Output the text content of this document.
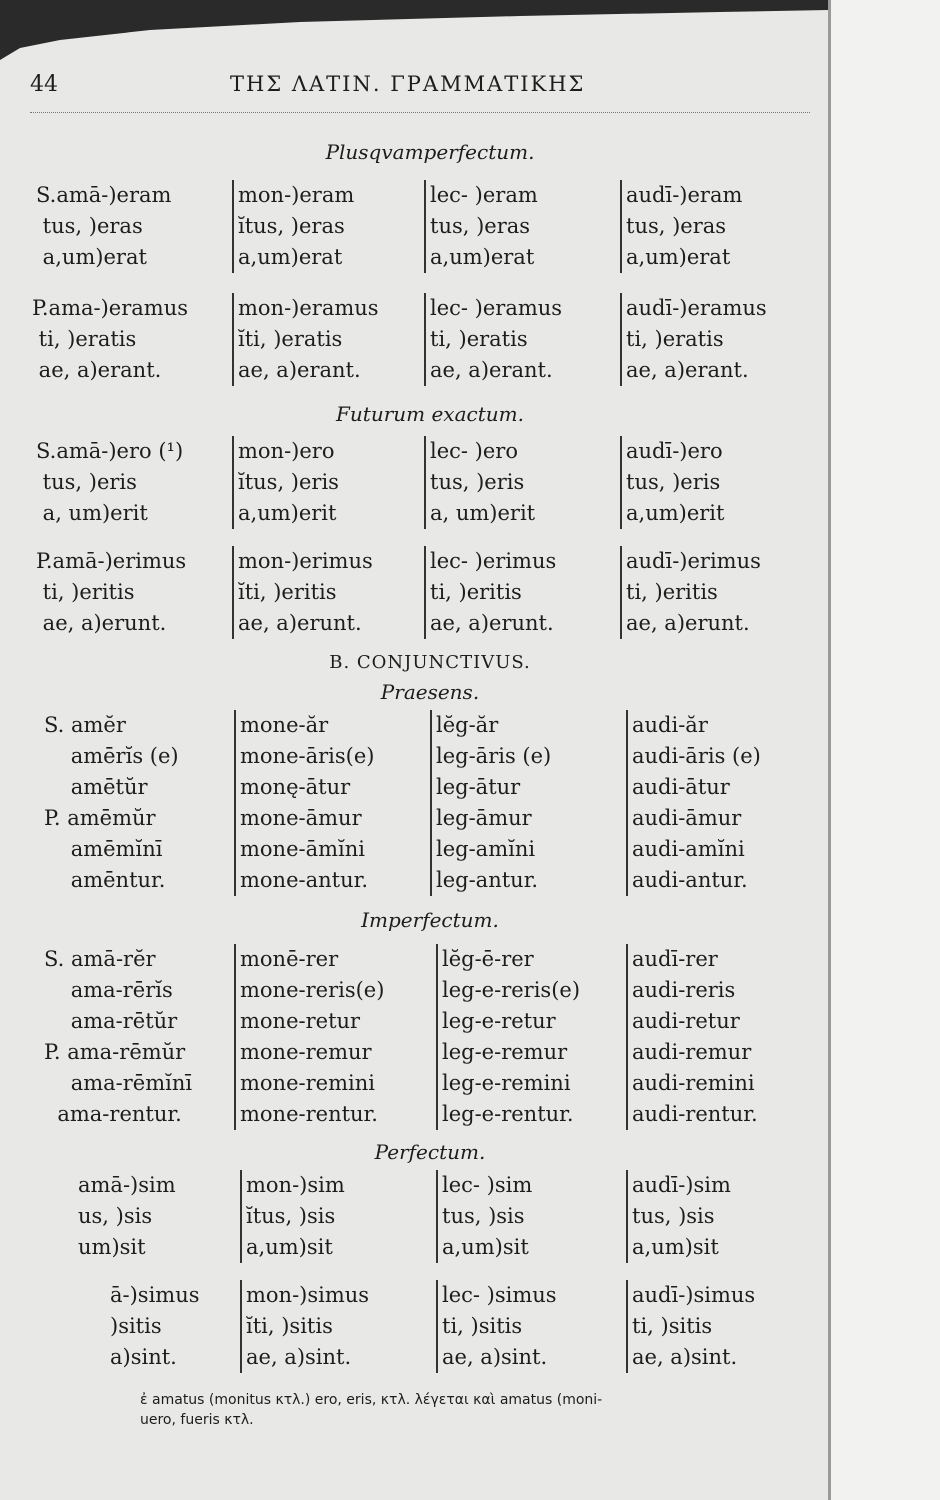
44	ΤΗΣ ΛΑΤΙΝ. ΓΡΑΜΜΑΤΙΚΗΣ
Plusqvamperfectum.
S.amā-)eram
tus, )eras
a,um)erat
mon-)eram
ĭtus, )eras
a,um)erat
lec- )eram
tus, )eras
a,um)erat
audī-)eram
tus, )eras
a,um)erat
P.ama-)eramus
ti, )eratis
ae, a)erant.
mon-)eramus
ĭti, )eratis
ae, a)erant.
lec- )eramus
ti, )eratis
ae, a)erant.
audī-)eramus
ti, )eratis
ae, a)erant.
Futurum exactum.
S.amā-)ero (¹)
tus, )eris
a, um)erit
mon-)ero
ĭtus, )eris
a,um)erit
lec- )ero
tus, )eris
a, um)erit
audī-)ero
tus, )eris
a,um)erit
P.amā-)erimus
ti, )eritis
ae, a)erunt.
mon-)erimus
ĭti, )eritis
ae, a)erunt.
lec- )erimus
ti, )eritis
ae, a)erunt.
audī-)erimus
ti, )eritis
ae, a)erunt.
B. CONJUNCTIVUS.
Praesens.
S. amĕr
amērĭs (e)
amētŭr
P. amēmŭr
amēmĭnī
amēntur.
mone-ăr
mone-āris(e)
monę-ātur
mone-āmur
mone-āmĭni
mone-antur.
lĕg-ăr
leg-āris (e)
leg-ātur
leg-āmur
leg-amĭni
leg-antur.
audi-ăr
audi-āris (e)
audi-ātur
audi-āmur
audi-amĭni
audi-antur.
Imperfectum.
S. amā-rĕr
ama-rērĭs
ama-rētŭr
P. ama-rēmŭr
ama-rēmĭnī
ama-rentur.
monē-rer
mone-reris(e)
mone-retur
mone-remur
mone-remini
mone-rentur.
lĕg-ē-rer
leg-e-reris(e)
leg-e-retur
leg-e-remur
leg-e-remini
leg-e-rentur.
audī-rer
audi-reris
audi-retur
audi-remur
audi-remini
audi-rentur.
Perfectum.
amā-)sim
us, )sis
um)sit
mon-)sim
ĭtus, )sis
a,um)sit
lec- )sim
tus, )sis
a,um)sit
audī-)sim
tus, )sis
a,um)sit
ā-)simus
)sitis
a)sint.
mon-)simus
ĭti, )sitis
ae, a)sint.
lec- )simus
ti, )sitis
ae, a)sint.
audī-)simus
ti, )sitis
ae, a)sint.
ἐ amatus (monitus κτλ.) ero, eris, κτλ. λέγεται καὶ amatus (moni-
uero, fueris κτλ.
